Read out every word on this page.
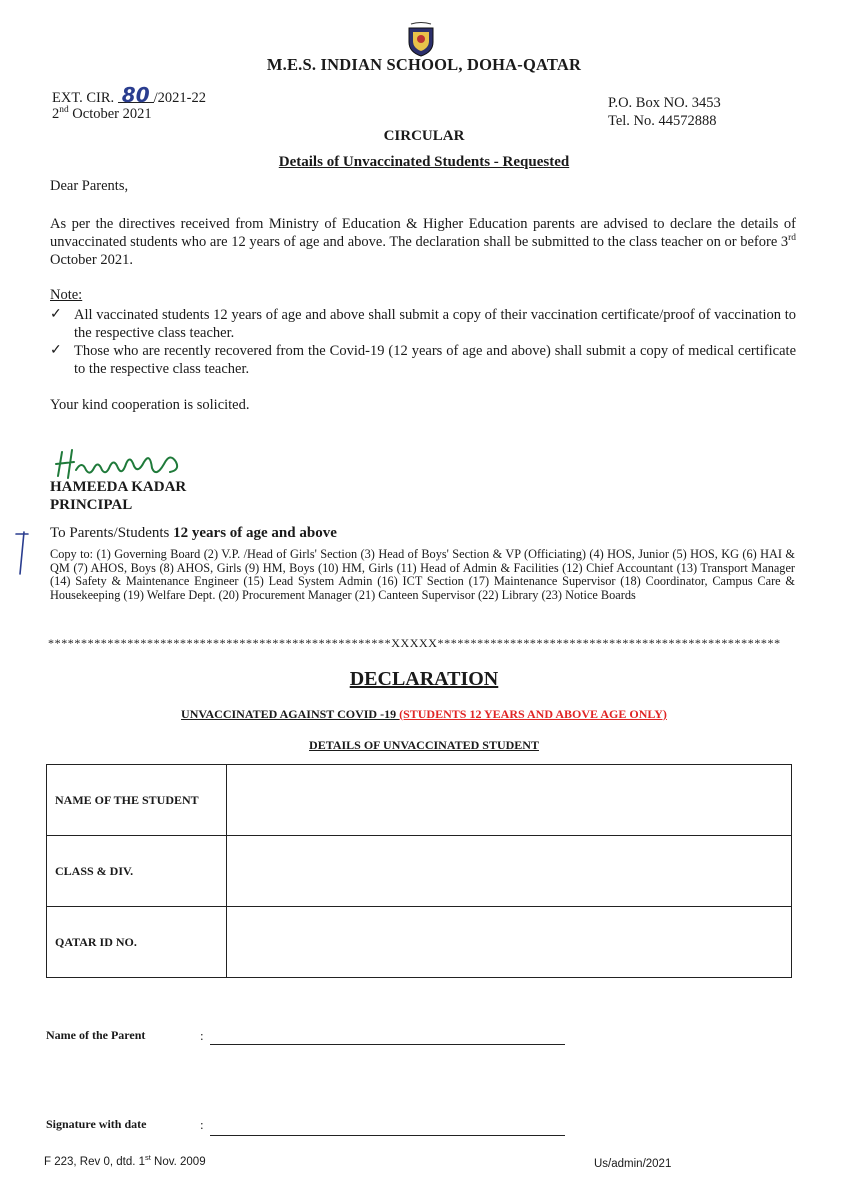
M.E.S. INDIAN SCHOOL, DOHA-QATAR
EXT. CIR. 80 /2021-22
2nd October 2021
P.O. Box NO. 3453
Tel. No. 44572888
CIRCULAR
Details of Unvaccinated Students - Requested
Dear Parents,
As per the directives received from Ministry of Education & Higher Education parents are advised to declare the details of unvaccinated students who are 12 years of age and above. The declaration shall be submitted to the class teacher on or before 3rd October 2021.
Note:
✓ All vaccinated students 12 years of age and above shall submit a copy of their vaccination certificate/proof of vaccination to the respective class teacher.
✓ Those who are recently recovered from the Covid-19 (12 years of age and above) shall submit a copy of medical certificate to the respective class teacher.
Your kind cooperation is solicited.
HAMEEDA KADAR
PRINCIPAL
To Parents/Students 12 years of age and above
Copy to: (1) Governing Board (2) V.P. /Head of Girls' Section (3) Head of Boys' Section & VP (Officiating) (4) HOS, Junior (5) HOS, KG (6) HAI & QM (7) AHOS, Boys (8) AHOS, Girls (9) HM, Boys (10) HM, Girls (11) Head of Admin & Facilities (12) Chief Accountant (13) Transport Manager (14) Safety & Maintenance Engineer (15) Lead System Admin (16) ICT Section (17) Maintenance Supervisor (18) Coordinator, Campus Care & Housekeeping (19) Welfare Dept. (20) Procurement Manager (21) Canteen Supervisor (22) Library (23) Notice Boards
****************************************************XXXXX****************************************************
DECLARATION
UNVACCINATED AGAINST COVID -19 (STUDENTS 12 YEARS AND ABOVE AGE ONLY)
DETAILS OF UNVACCINATED STUDENT
NAME OF THE STUDENT	
CLASS & DIV.	
QATAR ID NO.	
Name of the Parent	:
Signature with date	:
F 223, Rev 0, dtd. 1st Nov. 2009	Us/admin/2021
